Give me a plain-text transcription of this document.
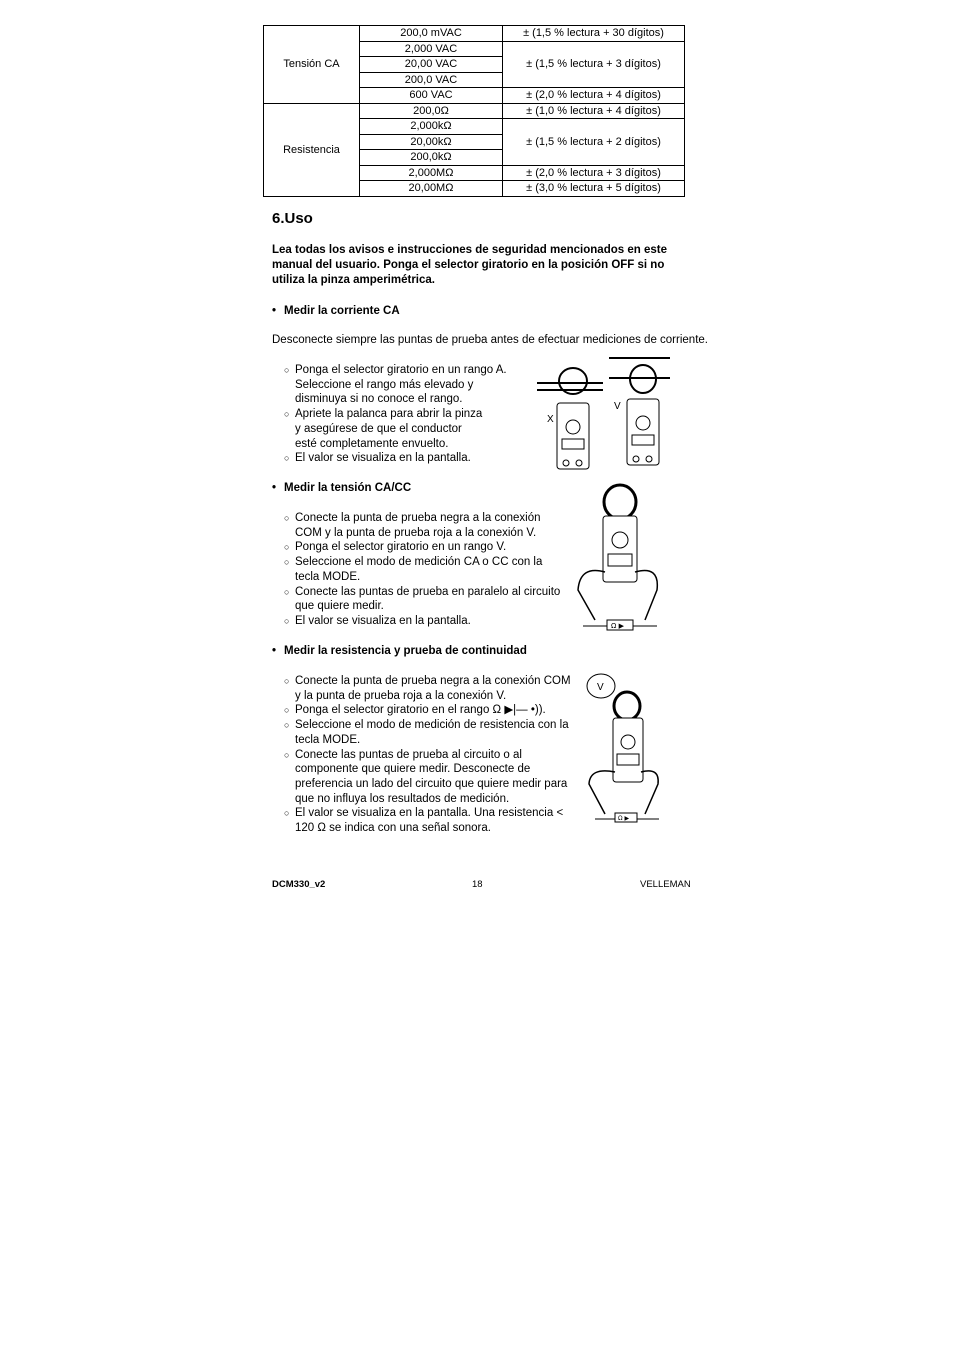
Tensión CA	200,0 mVAC	± (1,5 % lectura + 30 dígitos)
	2,000 VAC	± (1,5 % lectura + 3 dígitos)
	20,00 VAC	
	200,0 VAC	
	600 VAC	± (2,0 % lectura + 4 dígitos)
Resistencia	200,0Ω	± (1,0 % lectura + 4 dígitos)
	2,000kΩ	± (1,5 % lectura + 2 dígitos)
	20,00kΩ	
	200,0kΩ	
	2,000MΩ	± (2,0 % lectura + 3 dígitos)
	20,00MΩ	± (3,0 % lectura + 5 dígitos)
6.Uso

Lea todas los avisos e instrucciones de seguridad mencionados en este manual del usuario. Ponga el selector giratorio en la posición OFF si no utiliza la pinza amperimétrica.

• Medir la corriente CA

Desconecte siempre las puntas de prueba antes de efectuar mediciones de corriente.

○ Ponga el selector giratorio en un rango A. Seleccione el rango más elevado y disminuya si no conoce el rango.
○ Apriete la palanca para abrir la pinza y asegúrese de que el conductor esté completamente envuelto.
○ El valor se visualiza en la pantalla.
X
V

• Medir la tensión CA/CC

○ Conecte la punta de prueba negra a la conexión COM y la punta de prueba roja a la conexión V.
○ Ponga el selector giratorio en un rango V.
○ Seleccione el modo de medición CA o CC con la tecla MODE.
○ Conecte las puntas de prueba en paralelo al circuito que quiere medir.
○ El valor se visualiza en la pantalla.	Ω ▶

• Medir la resistencia y prueba de continuidad

○ Conecte la punta de prueba negra a la conexión COM y la punta de prueba roja a la conexión V.
○ Ponga el selector giratorio en el rango Ω ▶|— •)).
○ Seleccione el modo de medición de resistencia con la tecla MODE.
○ Conecte las puntas de prueba al circuito o al componente que quiere medir. Desconecte de preferencia un lado del circuito que quiere medir para que no influya los resultados de medición.
○ El valor se visualiza en la pantalla. Una resistencia < 120 Ω se indica con una señal sonora.
V
Ω ▶
DCM330_v2	18	VELLEMAN
